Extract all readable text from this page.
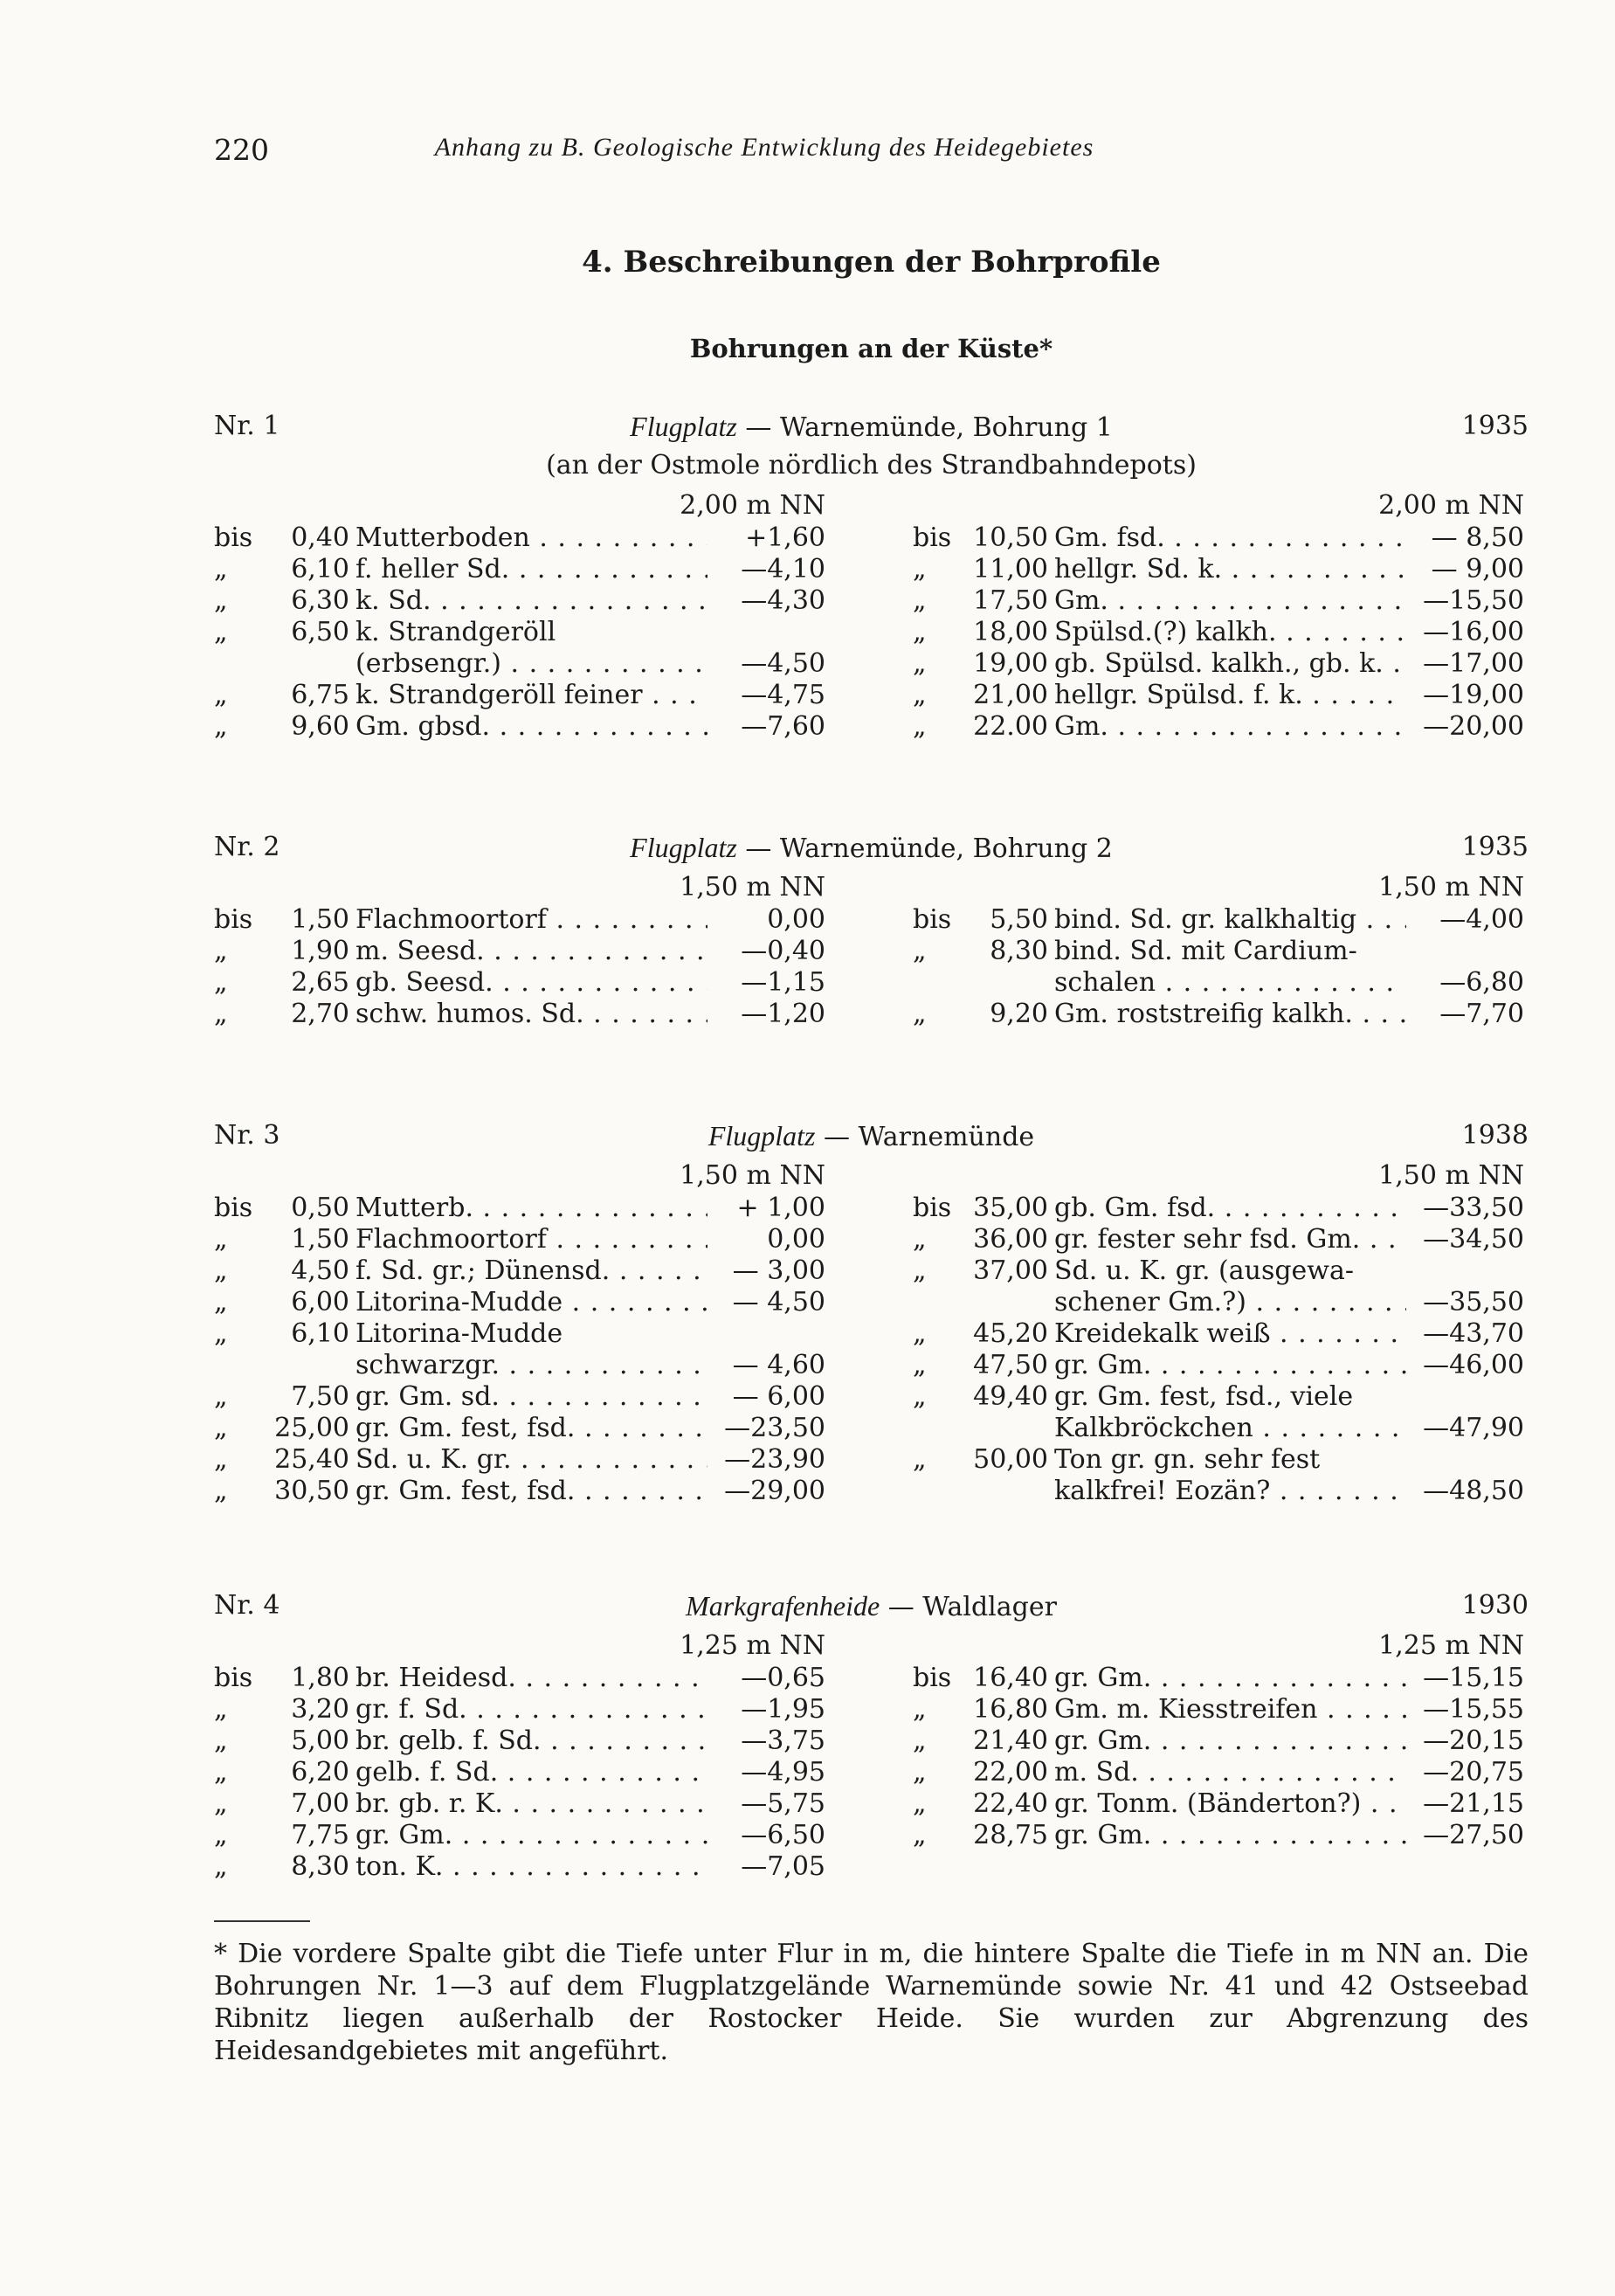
220	Anhang zu B. Geologische Entwicklung des Heidegebietes
4. Beschreibungen der Bohrprofile
Bohrungen an der Küste*
Nr. 1	Flugplatz — Warnemünde, Bohrung 1	1935
(an der Ostmole nördlich des Strandbahndepots)
2,00 m NN
bis	0,40 Mutterboden . . .	+1,60
„	6,10 f. heller Sd. . . .	—4,10
„	6,30 k. Sd. . . .	—4,30
„	6,50 k. Strandgeröll
(erbsengr.) . . .	—4,50
„	6,75 k. Strandgeröll feiner . . .	—4,75
„	9,60 Gm. gbsd. . . .	—7,60
2,00 m NN
bis 10,50 Gm. fsd. . . .	— 8,50
„	11,00 hellgr. Sd. k. . . .	— 9,00
„	17,50 Gm. . . .	—15,50
„	18,00 Spülsd.(?) kalkh. . . .	—16,00
„	19,00 gb. Spülsd. kalkh., gb. k. . . .	—17,00
„	21,00 hellgr. Spülsd. f. k. . . .	—19,00
„	22.00 Gm. . . .	—20,00
Nr. 2	Flugplatz — Warnemünde, Bohrung 2	1935
1,50 m NN
bis	1,50 Flachmoortorf . . .	0,00
„	1,90 m. Seesd. . . .	—0,40
„	2,65 gb. Seesd. . . .	—1,15
„	2,70 schw. humos. Sd. . . .	—1,20
1,50 m NN
bis	5,50 bind. Sd. gr. kalkhaltig . . .	—4,00
„	8,30 bind. Sd. mit Cardium-
schalen . . .	—6,80
„	9,20 Gm. roststreifig kalkh. . . .	—7,70
Nr. 3	Flugplatz — Warnemünde	1938
1,50 m NN
bis	0,50 Mutterb. . . .	+ 1,00
„	1,50 Flachmoortorf . . .	0,00
„	4,50 f. Sd. gr.; Dünensd. . . .	— 3,00
„	6,00 Litorina-Mudde . . .	— 4,50
„	6,10 Litorina-Mudde
schwarzgr. . . .	— 4,60
„	7,50 gr. Gm. sd. . . .	— 6,00
„	25,00 gr. Gm. fest, fsd. . . .	—23,50
„	25,40 Sd. u. K. gr. . . .	—23,90
„	30,50 gr. Gm. fest, fsd. . . .	—29,00
1,50 m NN
bis 35,00 gb. Gm. fsd. . . .	—33,50
„	36,00 gr. fester sehr fsd. Gm. . . .	—34,50
„	37,00 Sd. u. K. gr. (ausgewa-
schener Gm.?) . . .	—35,50
„	45,20 Kreidekalk weiß . . .	—43,70
„	47,50 gr. Gm. . . .	—46,00
„	49,40 gr. Gm. fest, fsd., viele
Kalkbröckchen . . .	—47,90
„	50,00 Ton gr. gn. sehr fest
kalkfrei! Eozän? . . .	—48,50
Nr. 4	Markgrafenheide — Waldlager	1930
1,25 m NN
bis	1,80 br. Heidesd. . . .	—0,65
„	3,20 gr. f. Sd. . . .	—1,95
„	5,00 br. gelb. f. Sd. . . .	—3,75
„	6,20 gelb. f. Sd. . . .	—4,95
„	7,00 br. gb. r. K. . . .	—5,75
„	7,75 gr. Gm. . . .	—6,50
„	8,30 ton. K. . . .	—7,05
1,25 m NN
bis 16,40 gr. Gm. . . .	—15,15
„	16,80 Gm. m. Kiesstreifen . . .	—15,55
„	21,40 gr. Gm. . . .	—20,15
„	22,00 m. Sd. . . .	—20,75
„	22,40 gr. Tonm. (Bänderton?) . . .	—21,15
„	28,75 gr. Gm. . . .	—27,50
* Die vordere Spalte gibt die Tiefe unter Flur in m, die hintere Spalte die Tiefe in m NN an. Die Bohrungen Nr. 1—3 auf dem Flugplatzgelände Warnemünde sowie Nr. 41 und 42 Ostseebad Ribnitz liegen außerhalb der Rostocker Heide. Sie wurden zur Abgrenzung des Heidesandgebietes mit angeführt.
